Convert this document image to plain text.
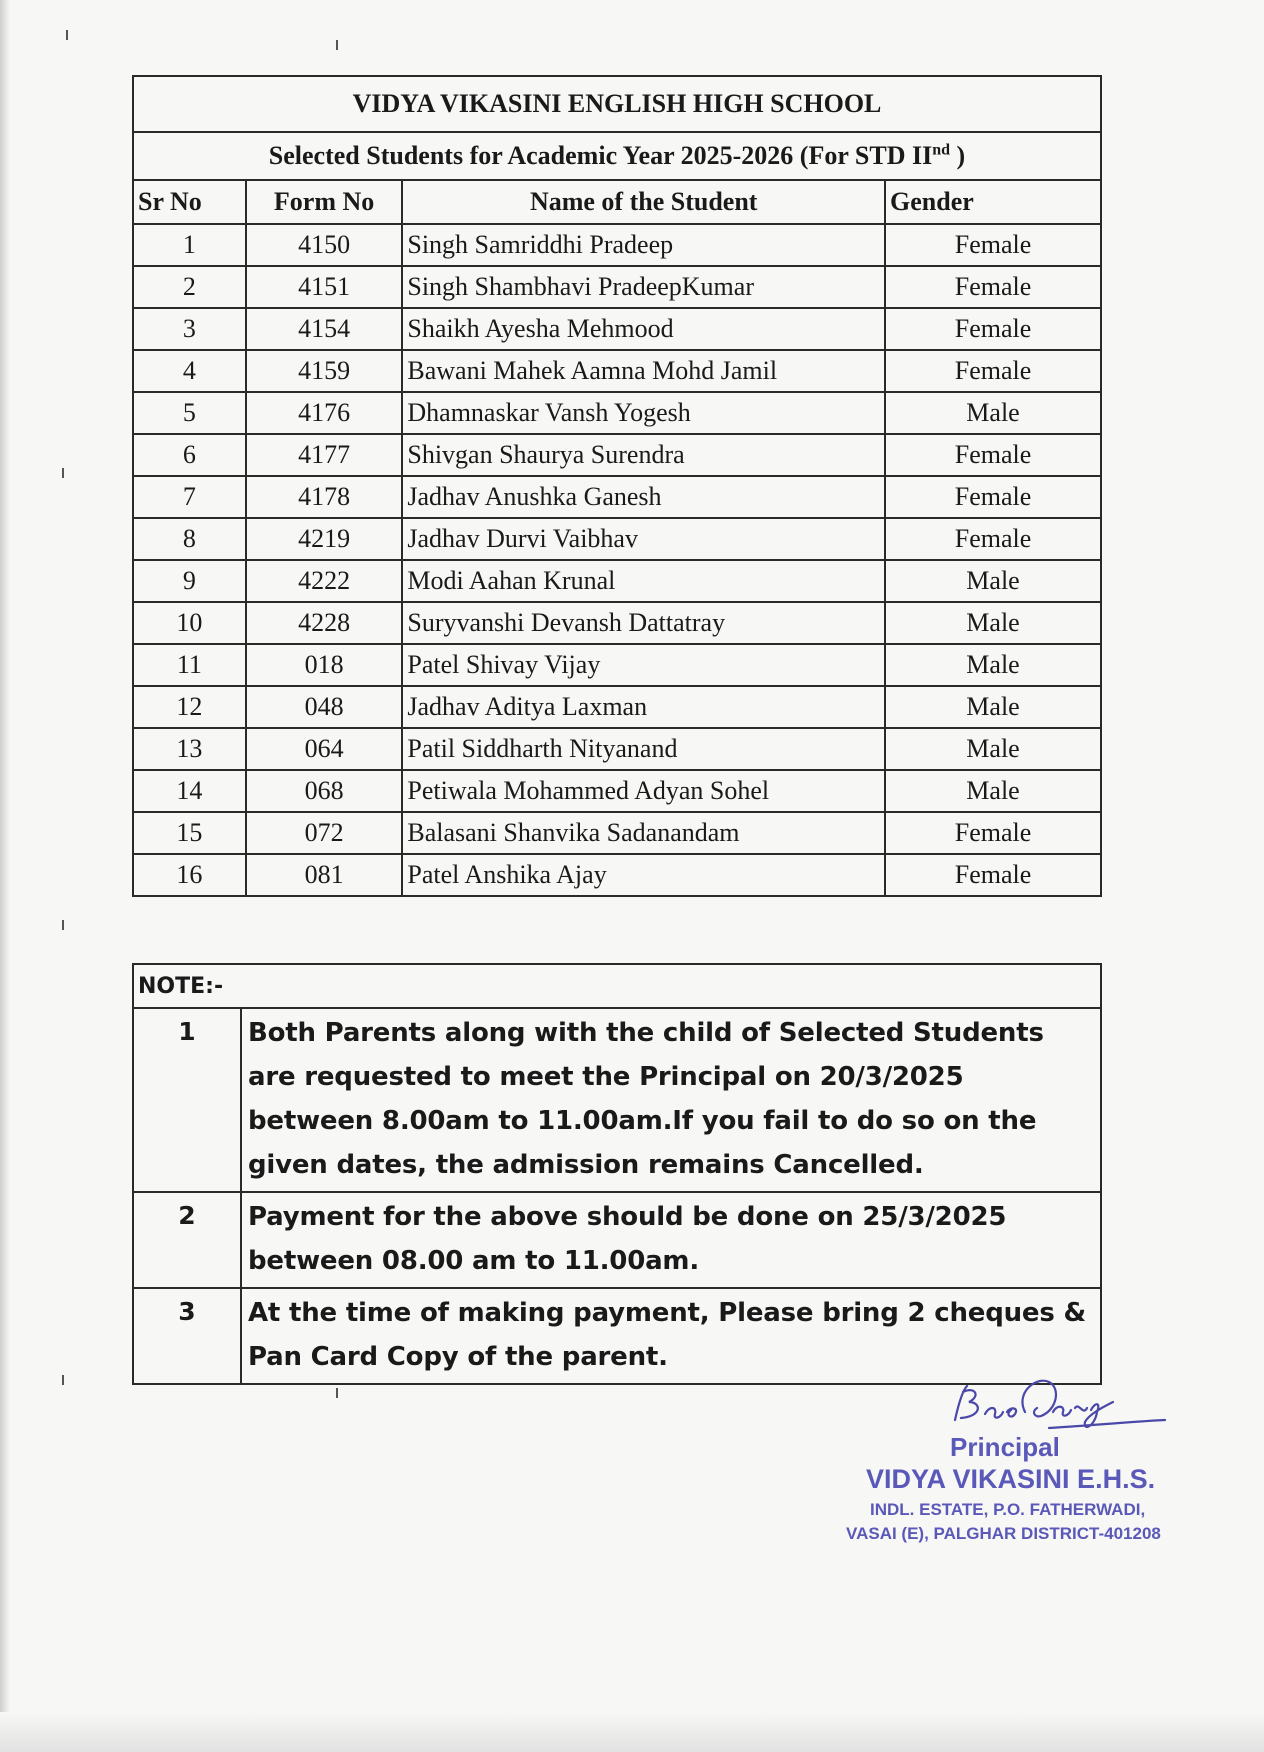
VIDYA VIKASINI ENGLISH HIGH SCHOOL			
Selected Students for Academic Year 2025-2026 (For STD IInd )			
Sr No	Form No	Name of the Student	Gender
1	4150	Singh Samriddhi Pradeep	Female
2	4151	Singh Shambhavi PradeepKumar	Female
3	4154	Shaikh Ayesha Mehmood	Female
4	4159	Bawani Mahek Aamna Mohd Jamil	Female
5	4176	Dhamnaskar Vansh Yogesh	Male
6	4177	Shivgan Shaurya Surendra	Female
7	4178	Jadhav Anushka Ganesh	Female
8	4219	Jadhav Durvi Vaibhav	Female
9	4222	Modi Aahan Krunal	Male
10	4228	Suryvanshi Devansh Dattatray	Male
11	018	Patel Shivay Vijay	Male
12	048	Jadhav Aditya Laxman	Male
13	064	Patil Siddharth Nityanand	Male
14	068	Petiwala Mohammed Adyan Sohel	Male
15	072	Balasani Shanvika Sadanandam	Female
16	081	Patel Anshika Ajay	Female
NOTE:-	
1	Both Parents along with the child of Selected Students are requested to meet the Principal on 20/3/2025 between 8.00am to 11.00am.If you fail to do so on the given dates, the admission remains Cancelled.
2	Payment for the above should be done on 25/3/2025 between 08.00 am to 11.00am.
3	At the time of making payment, Please bring 2 cheques & Pan Card Copy of the parent.
Principal
VIDYA VIKASINI E.H.S.
INDL. ESTATE, P.O. FATHERWADI,
VASAI (E), PALGHAR DISTRICT-401208
